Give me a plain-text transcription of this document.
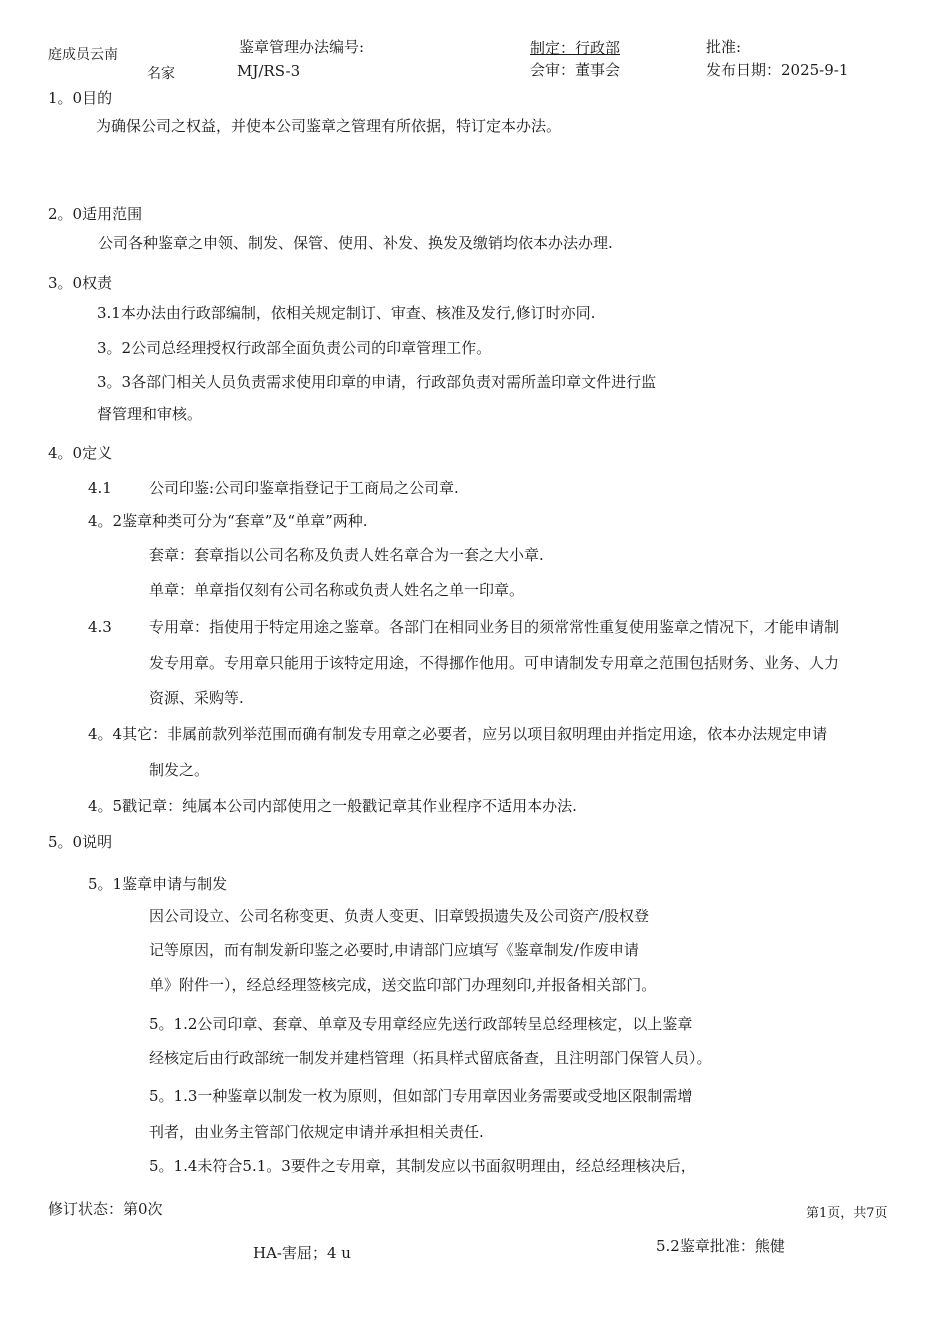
庭成员云南
名家
鉴章管理办法编号:
MJ/RS-3
制定：行政部
会审：董事会
批准:
发布日期：2025-9-1
1。0目的
为确保公司之权益，并使本公司鉴章之管理有所依据，特订定本办法。
2。0适用范围
公司各种鉴章之申领、制发、保管、使用、补发、换发及缴销均依本办法办理.
3。0权责
3.1本办法由行政部编制，依相关规定制订、审查、核准及发行,修订时亦同.
3。2公司总经理授权行政部全面负责公司的印章管理工作。
3。3各部门相关人员负责需求使用印章的申请，行政部负责对需所盖印章文件进行监
督管理和审核。
4。0定义
4.1 公司印鉴:公司印鉴章指登记于工商局之公司章.
4。2鉴章种类可分为“套章”及“单章”两种.
套章：套章指以公司名称及负责人姓名章合为一套之大小章.
单章：单章指仅刻有公司名称或负责人姓名之单一印章。
4.3 专用章：指使用于特定用途之鉴章。各部门在相同业务目的须常常性重复使用鉴章之情况下，才能申请制
发专用章。专用章只能用于该特定用途，不得挪作他用。可申请制发专用章之范围包括财务、业务、人力
资源、采购等.
4。4其它：非属前款列举范围而确有制发专用章之必要者，应另以项目叙明理由并指定用途，依本办法规定申请
制发之。
4。5戳记章：纯属本公司内部使用之一般戳记章其作业程序不适用本办法.
5。0说明
5。1鉴章申请与制发
因公司设立、公司名称变更、负责人变更、旧章毁损遗失及公司资产/股权登
记等原因，而有制发新印鉴之必要时,申请部门应填写《鉴章制发/作废申请
单》附件一），经总经理签核完成，送交监印部门办理刻印,并报备相关部门。
5。1.2公司印章、套章、单章及专用章经应先送行政部转呈总经理核定，以上鉴章
经核定后由行政部统一制发并建档管理（拓具样式留底备查，且注明部门保管人员）。
5。1.3一种鉴章以制发一枚为原则，但如部门专用章因业务需要或受地区限制需增
刊者，由业务主管部门依规定申请并承担相关责任.
5。1.4未符合5.1。3要件之专用章，其制发应以书面叙明理由，经总经理核决后，
修订状态：第0次	第1页，共7页
HA-害屈；4 u	5.2鉴章批准：熊健
